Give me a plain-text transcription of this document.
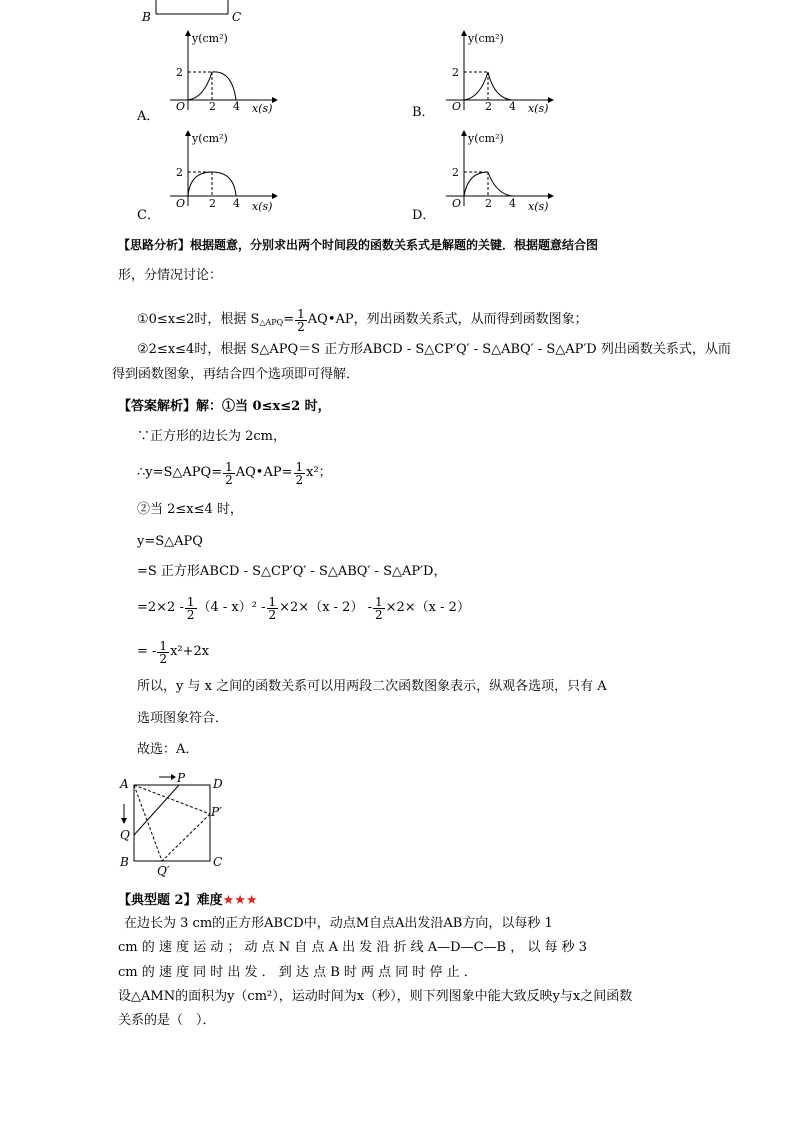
B	C
y(cm²)
x(s)
O
2
2 4
A．
y(cm²)
x(s)
O
2
2 4
B．
y(cm²)
x(s)
O
2
2 4
C．
y(cm²)
x(s)
O
2
2 4
D．
【思路分析】根据题意，分别求出两个时间段的函数关系式是解题的关键．根据题意结合图
形，分情况讨论：
①0≤x≤2时，根据 S △APQ = $\frac{1}{2}$ AQ•AP，列出函数关系式，从而得到函数图象；
②2≤x≤4时，根据 S△APQ＝S 正方形ABCD - S△CP′Q′ - S△ABQ′ - S△AP′D 列出函数关系式，从而
得到函数图象，再结合四个选项即可得解．
【答案解析】解：①当 0≤x≤2 时，
∵正方形的边长为 2cm，
∴y=S△APQ= $\frac{1}{2}$ AQ•AP= $\frac{1}{2} x^2$；
②当 2≤x≤4 时，
y=S△APQ
=S 正方形ABCD - S△CP′Q′ - S△ABQ′ - S△AP′D，
$=2\times 2 - \frac{1}{2} (4 - x)^2 - \frac{1}{2} \times 2\times(x - 2) - \frac{1}{2} \times 2\times(x - 2)$
= - $\frac{1}{2} x^2+2x$
所以，y 与 x 之间的函数关系可以用两段二次函数图象表示，纵观各选项，只有 A
选项图象符合．
故选：A．
A	P D
Q
P′
B
Q′
C
【典型题 2】难度★★★
在边长为 3 cm的正方形ABCD中，动点M自点A出发沿AB方向，以每秒 1
cm 的 速 度 运 动 ； 动 点 N 自 点 A 出 发 沿 折 线 A—D—C—B ， 以 每 秒 3
cm 的 速 度 同 时 出 发 ． 到 达 点 B 时 两 点 同 时 停 止 ．
设△AMN的面积为y（cm²），运动时间为x（秒），则下列图象中能大致反映y与x之间函数
关系的是（　）．
